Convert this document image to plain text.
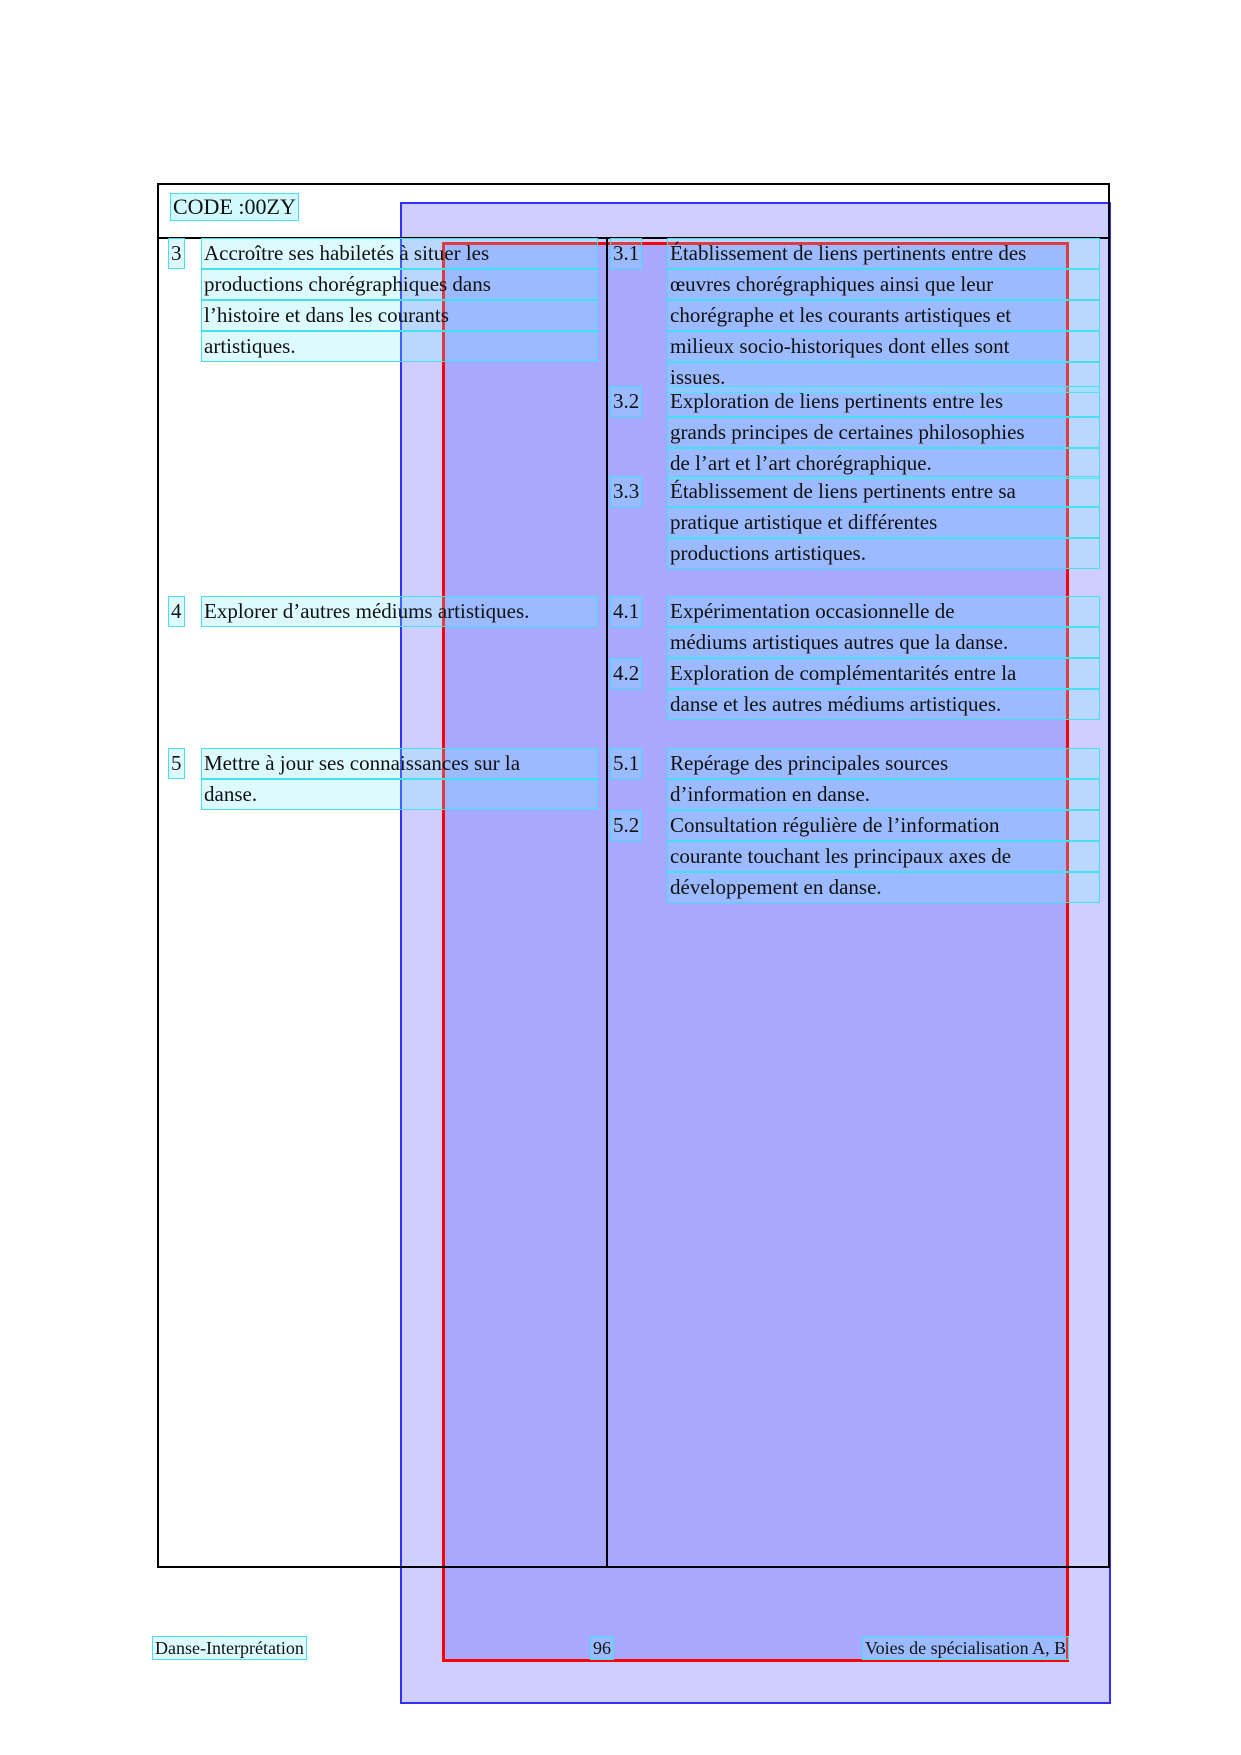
CODE :00ZY
3 Accroître ses habiletés à situer les
productions chorégraphiques dans
l’histoire et dans les courants
artistiques.
4 Explorer d’autres médiums artistiques.
5 Mettre à jour ses connaissances sur la
danse.
3.1 Établissement de liens pertinents entre des
œuvres chorégraphiques ainsi que leur
chorégraphe et les courants artistiques et
milieux socio-historiques dont elles sont
issues.
3.2 Exploration de liens pertinents entre les
grands principes de certaines philosophies
de l’art et l’art chorégraphique.
3.3 Établissement de liens pertinents entre sa
pratique artistique et différentes
productions artistiques.
4.1 Expérimentation occasionnelle de
médiums artistiques autres que la danse.
4.2 Exploration de complémentarités entre la
danse et les autres médiums artistiques.
5.1 Repérage des principales sources
d’information en danse.
5.2 Consultation régulière de l’information
courante touchant les principaux axes de
développement en danse.
Danse-Interprétation	96	Voies de spécialisation A, B
